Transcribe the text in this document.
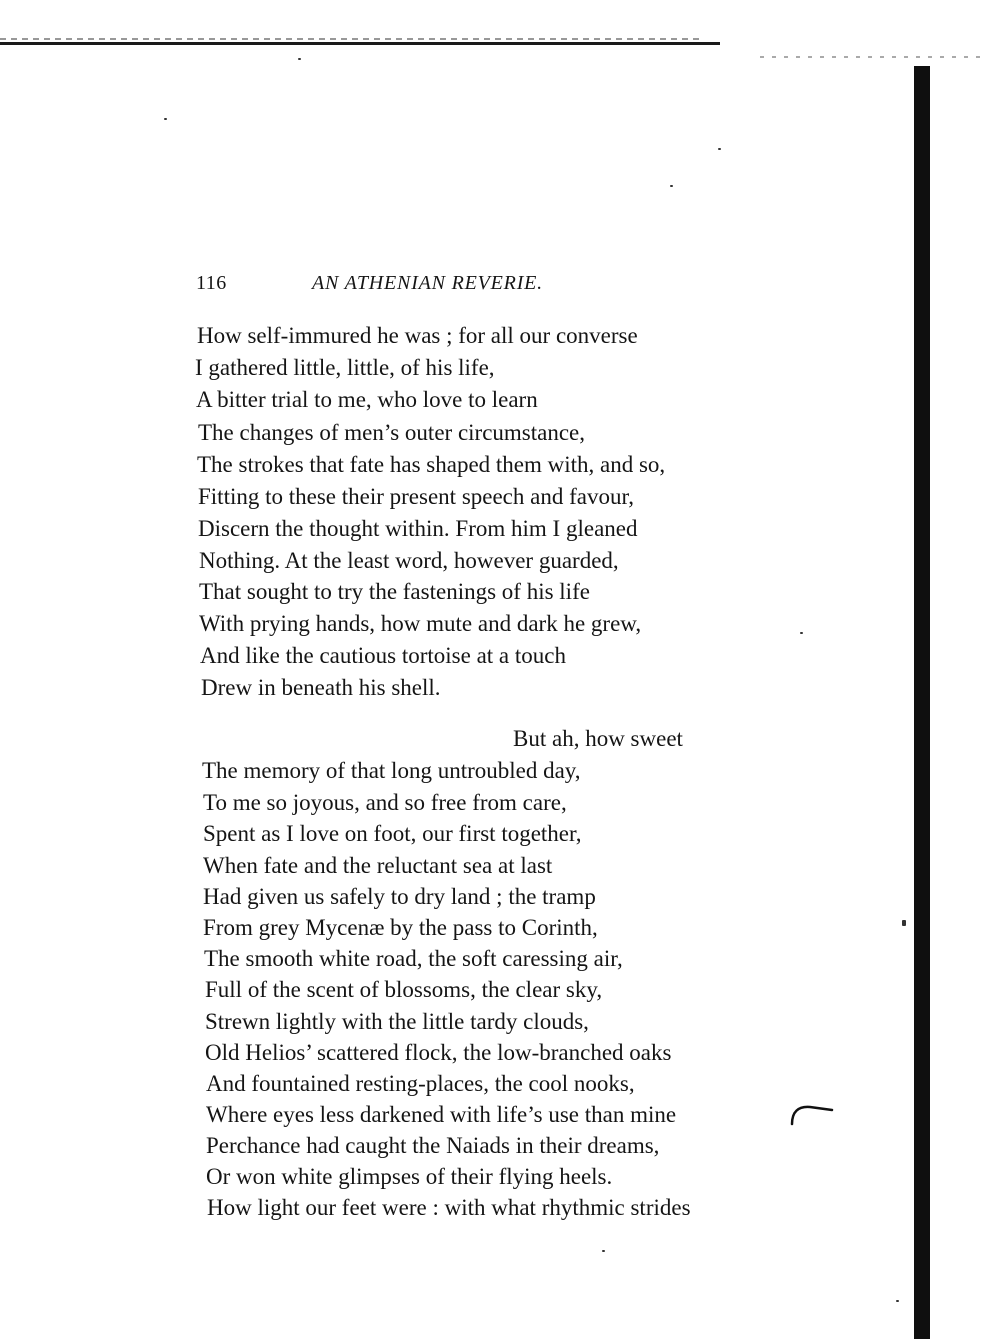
116	AN ATHENIAN REVERIE.
How self-immured he was ; for all our converse
I gathered little, little, of his life,
A bitter trial to me, who love to learn
The changes of men’s outer circumstance,
The strokes that fate has shaped them with, and so,
Fitting to these their present speech and favour,
Discern the thought within. From him I gleaned
Nothing. At the least word, however guarded,
That sought to try the fastenings of his life
With prying hands, how mute and dark he grew,
And like the cautious tortoise at a touch
Drew in beneath his shell.
But ah, how sweet
The memory of that long untroubled day,
To me so joyous, and so free from care,
Spent as I love on foot, our first together,
When fate and the reluctant sea at last
Had given us safely to dry land ; the tramp
From grey Mycenæ by the pass to Corinth,
The smooth white road, the soft caressing air,
Full of the scent of blossoms, the clear sky,
Strewn lightly with the little tardy clouds,
Old Helios’ scattered flock, the low-branched oaks
And fountained resting-places, the cool nooks,
Where eyes less darkened with life’s use than mine
Perchance had caught the Naiads in their dreams,
Or won white glimpses of their flying heels.
How light our feet were : with what rhythmic strides
